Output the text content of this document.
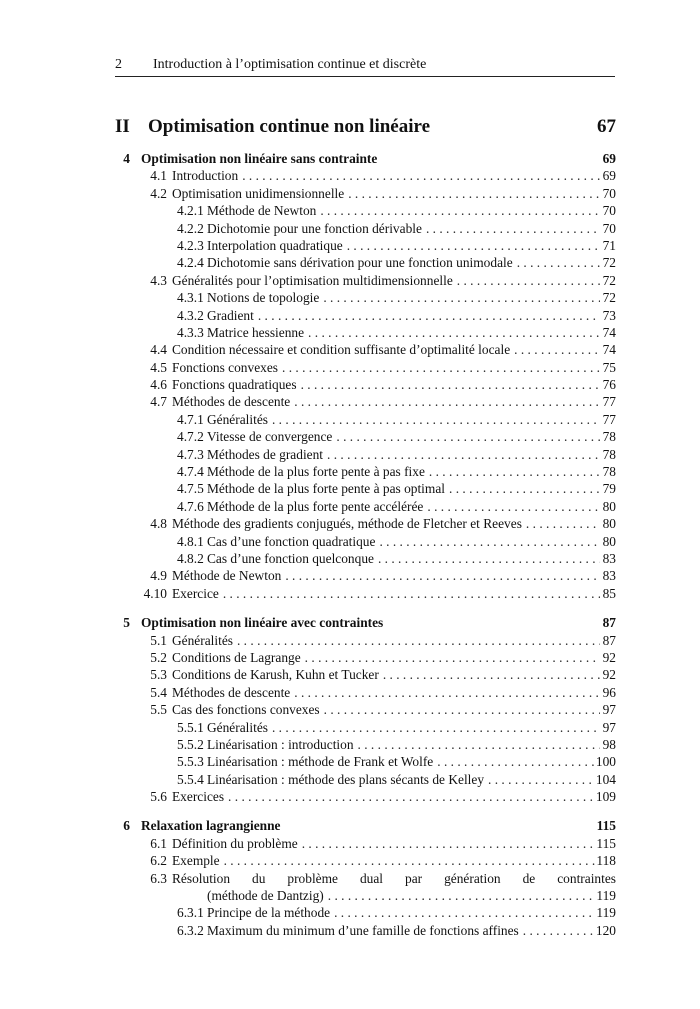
2 Introduction à l’optimisation continue et discrète
II Optimisation continue non linéaire	67
4 Optimisation non linéaire sans contrainte	69
4.1 Introduction . . .	69
4.2 Optimisation unidimensionnelle . . .	70
4.2.1 Méthode de Newton . . .	70
4.2.2 Dichotomie pour une fonction dérivable . . .	70
4.2.3 Interpolation quadratique . . .	71
4.2.4 Dichotomie sans dérivation pour une fonction unimodale . . .	72
4.3 Généralités pour l’optimisation multidimensionnelle . . .	72
4.3.1 Notions de topologie . . .	72
4.3.2 Gradient . . .	73
4.3.3 Matrice hessienne . . .	74
4.4 Condition nécessaire et condition suffisante d’optimalité locale . . .	74
4.5 Fonctions convexes . . .	75
4.6 Fonctions quadratiques . . .	76
4.7 Méthodes de descente . . .	77
4.7.1 Généralités . . .	77
4.7.2 Vitesse de convergence . . .	78
4.7.3 Méthodes de gradient . . .	78
4.7.4 Méthode de la plus forte pente à pas fixe . . .	78
4.7.5 Méthode de la plus forte pente à pas optimal . . .	79
4.7.6 Méthode de la plus forte pente accélérée . . .	80
4.8 Méthode des gradients conjugués, méthode de Fletcher et Reeves . . .	80
4.8.1 Cas d’une fonction quadratique . . .	80
4.8.2 Cas d’une fonction quelconque . . .	83
4.9 Méthode de Newton . . .	83
4.10 Exercice . . .	85
5 Optimisation non linéaire avec contraintes	87
5.1 Généralités . . .	87
5.2 Conditions de Lagrange . . .	92
5.3 Conditions de Karush, Kuhn et Tucker . . .	92
5.4 Méthodes de descente . . .	96
5.5 Cas des fonctions convexes . . .	97
5.5.1 Généralités . . .	97
5.5.2 Linéarisation : introduction . . .	98
5.5.3 Linéarisation : méthode de Frank et Wolfe . . .	100
5.5.4 Linéarisation : méthode des plans sécants de Kelley . . .	104
5.6 Exercices . . .	109
6 Relaxation lagrangienne	115
6.1 Définition du problème . . .	115
6.2 Exemple . . .	118
6.3 Résolution du problème dual par génération de contraintes
(méthode de Dantzig) . . .	119
6.3.1 Principe de la méthode . . .	119
6.3.2 Maximum du minimum d’une famille de fonctions affines . . .	120
